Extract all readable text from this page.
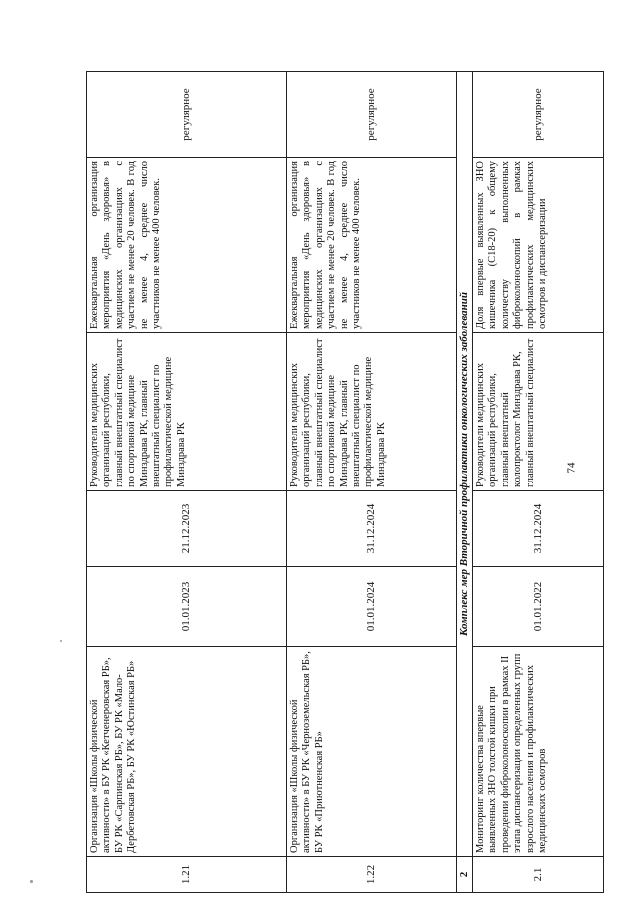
1.21	Организация «Школы физической активности» в БУ РК «Кетченеровская РБ», БУ РК «Сарпинская РБ», БУ РК «Мало-Дербетовская РБ», БУ РК «Юстинская РБ»	01.01.2023	21.12.2023	Руководители медицинских организаций республики, главный внештатный специалист по спортивной медицине Минздрава РК, главный внештатный специалист по профилактической медицине Минздрава РК	Ежеквартальная организация мероприятия «День здоровья» в медицинских организациях с участием не менее 20 человек. В год не менее 4, среднее число участников не менее 400 человек.	регулярное
1.22	Организация «Школы физической активности» в БУ РК «Черноземельская РБ», БУ РК «Приютненская РБ»	01.01.2024	31.12.2024	Руководители медицинских организаций республики, главный внештатный специалист по спортивной медицине Минздрава РК, главный внештатный специалист по профилактической медицине Минздрава РК	Ежеквартальная организация мероприятия «День здоровья» в медицинских организациях с участием не менее 20 человек. В год не менее 4, среднее число участников не менее 400 человек.	регулярное
2	Комплекс мер Вторичной профилактики онкологических заболеваний					
2.1	Мониторинг количества впервые выявленных ЗНО толстой кишки при проведении фиброколоноскопии в рамках II этапа диспансеризации определенных групп взрослого населения и профилактических медицинских осмотров	01.01.2022	31.12.2024	Руководители медицинских организаций республики, главный внештатный колопроктолог Минздрава РК, главный внештатный специалист	Доля впервые выявленных ЗНО кишечника (С18-20) к общему количеству выполненных фиброколоноскопий в рамках профилактических медицинских осмотров и диспансеризации	регулярное
74
